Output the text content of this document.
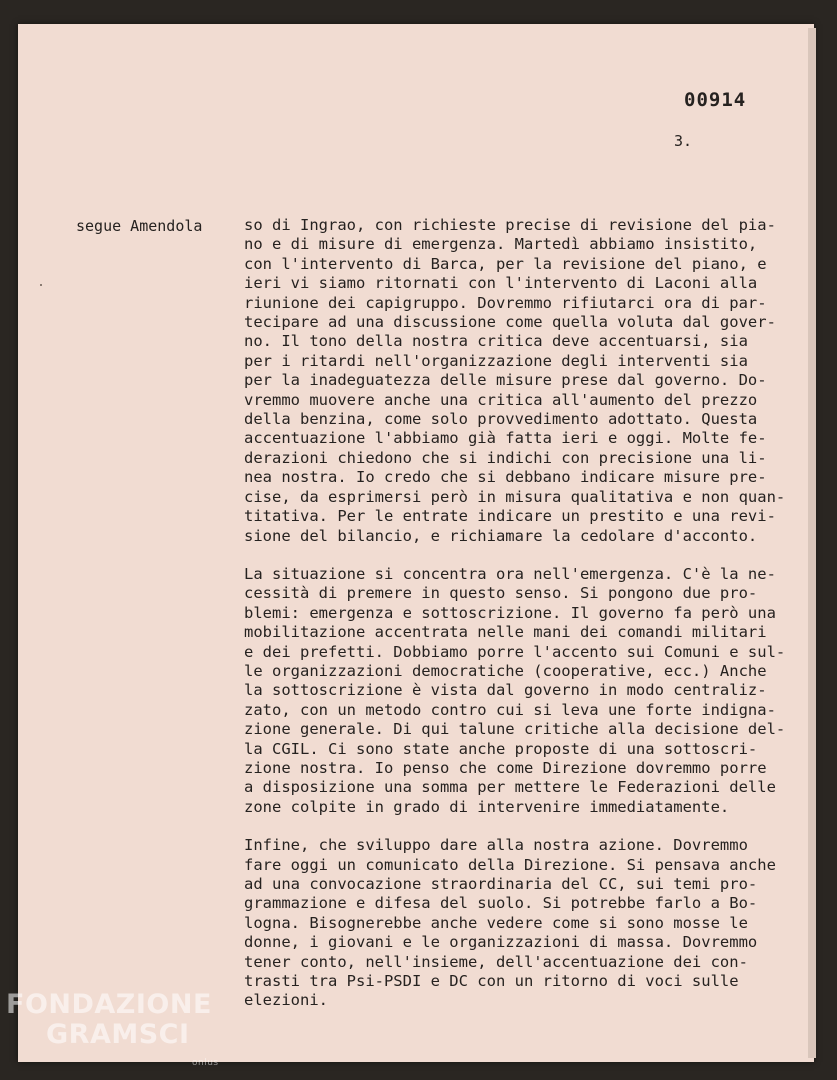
00914
3.
segue Amendola	so di Ingrao, con richieste precise di revisione del pia-
no e di misure di emergenza. Martedì abbiamo insistito,
con l'intervento di Barca, per la revisione del piano, e
ieri vi siamo ritornati con l'intervento di Laconi alla
riunione dei capigruppo. Dovremmo rifiutarci ora di par-
tecipare ad una discussione come quella voluta dal gover-
no. Il tono della nostra critica deve accentuarsi, sia
per i ritardi nell'organizzazione degli interventi sia
per la inadeguatezza delle misure prese dal governo. Do-
vremmo muovere anche una critica all'aumento del prezzo
della benzina, come solo provvedimento adottato. Questa
accentuazione l'abbiamo già fatta ieri e oggi. Molte fe-
derazioni chiedono che si indichi con precisione una li-
nea nostra. Io credo che si debbano indicare misure pre-
cise, da esprimersi però in misura qualitativa e non quan-
titativa. Per le entrate indicare un prestito e una revi-
sione del bilancio, e richiamare la cedolare d'acconto.
La situazione si concentra ora nell'emergenza. C'è la ne-
cessità di premere in questo senso. Si pongono due pro-
blemi: emergenza e sottoscrizione. Il governo fa però una
mobilitazione accentrata nelle mani dei comandi militari
e dei prefetti. Dobbiamo porre l'accento sui Comuni e sul-
le organizzazioni democratiche (cooperative, ecc.) Anche
la sottoscrizione è vista dal governo in modo centraliz-
zato, con un metodo contro cui si leva une forte indigna-
zione generale. Di qui talune critiche alla decisione del-
la CGIL. Ci sono state anche proposte di una sottoscri-
zione nostra. Io penso che come Direzione dovremmo porre
a disposizione una somma per mettere le Federazioni delle
zone colpite in grado di intervenire immediatamente.
Infine, che sviluppo dare alla nostra azione. Dovremmo
fare oggi un comunicato della Direzione. Si pensava anche
ad una convocazione straordinaria del CC, sui temi pro-
grammazione e difesa del suolo. Si potrebbe farlo a Bo-
logna. Bisognerebbe anche vedere come si sono mosse le
donne, i giovani e le organizzazioni di massa. Dovremmo
tener conto, nell'insieme, dell'accentuazione dei con-
trasti tra Psi-PSDI e DC con un ritorno di voci sulle
elezioni.
FONDAZIONE
GRAMSCI
onlus
